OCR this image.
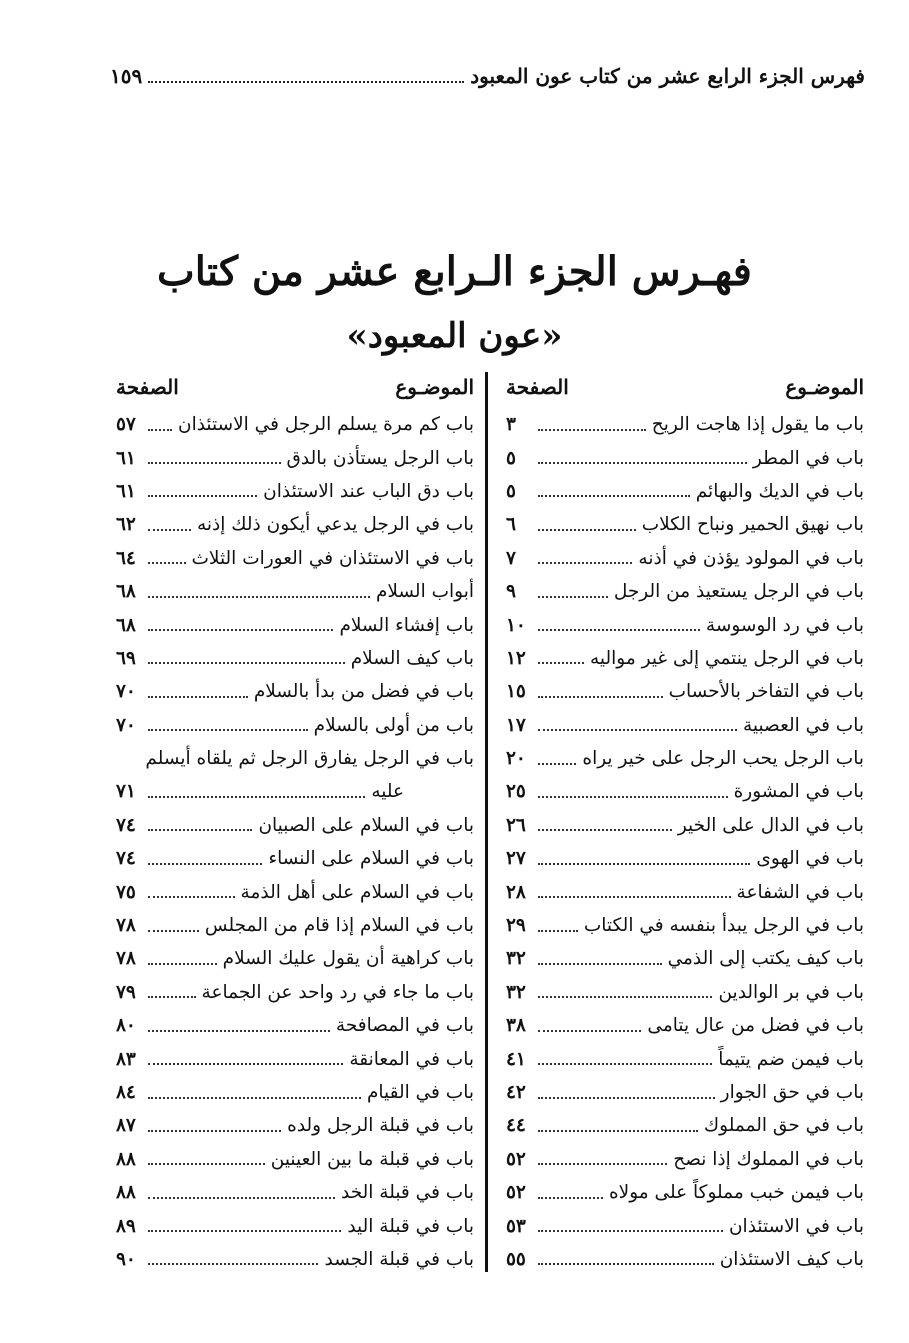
فهرس الجزء الرابع عشر من كتاب عون المعبود
١٥٩
فهـرس الجزء الـرابع عشر من كتاب
«عون المعبود»
الموضـوع
الصفحة
الموضـوع
الصفحة
باب ما يقول إذا هاجت الريح
٣
باب في المطر
٥
باب في الديك والبهائم
٥
باب نهيق الحمير ونباح الكلاب
٦
باب في المولود يؤذن في أذنه
٧
باب في الرجل يستعيذ من الرجل
٩
باب في رد الوسوسة
١٠
باب في الرجل ينتمي إلى غير مواليه
١٢
باب في التفاخر بالأحساب
١٥
باب في العصبية
١٧
باب الرجل يحب الرجل على خير يراه
٢٠
باب في المشورة
٢٥
باب في الدال على الخير
٢٦
باب في الهوى
٢٧
باب في الشفاعة
٢٨
باب في الرجل يبدأ بنفسه في الكتاب
٢٩
باب كيف يكتب إلى الذمي
٣٢
باب في بر الوالدين
٣٢
باب في فضل من عال يتامى
٣٨
باب فيمن ضم يتيماً
٤١
باب في حق الجوار
٤٢
باب في حق المملوك
٤٤
باب في المملوك إذا نصح
٥٢
باب فيمن خبب مملوكاً على مولاه
٥٢
باب في الاستئذان
٥٣
باب كيف الاستئذان
٥٥
باب كم مرة يسلم الرجل في الاستئذان
٥٧
باب الرجل يستأذن بالدق
٦١
باب دق الباب عند الاستئذان
٦١
باب في الرجل يدعي أيكون ذلك إذنه
٦٢
باب في الاستئذان في العورات الثلاث
٦٤
أبواب السلام
٦٨
باب إفشاء السلام
٦٨
باب كيف السلام
٦٩
باب في فضل من بدأ بالسلام
٧٠
باب من أولى بالسلام
٧٠
باب في الرجل يفارق الرجل ثم يلقاه أيسلم
عليه
٧١
باب في السلام على الصبيان
٧٤
باب في السلام على النساء
٧٤
باب في السلام على أهل الذمة
٧٥
باب في السلام إذا قام من المجلس
٧٨
باب كراهية أن يقول عليك السلام
٧٨
باب ما جاء في رد واحد عن الجماعة
٧٩
باب في المصافحة
٨٠
باب في المعانقة
٨٣
باب في القيام
٨٤
باب في قبلة الرجل ولده
٨٧
باب في قبلة ما بين العينين
٨٨
باب في قبلة الخد
٨٨
باب في قبلة اليد
٨٩
باب في قبلة الجسد
٩٠
